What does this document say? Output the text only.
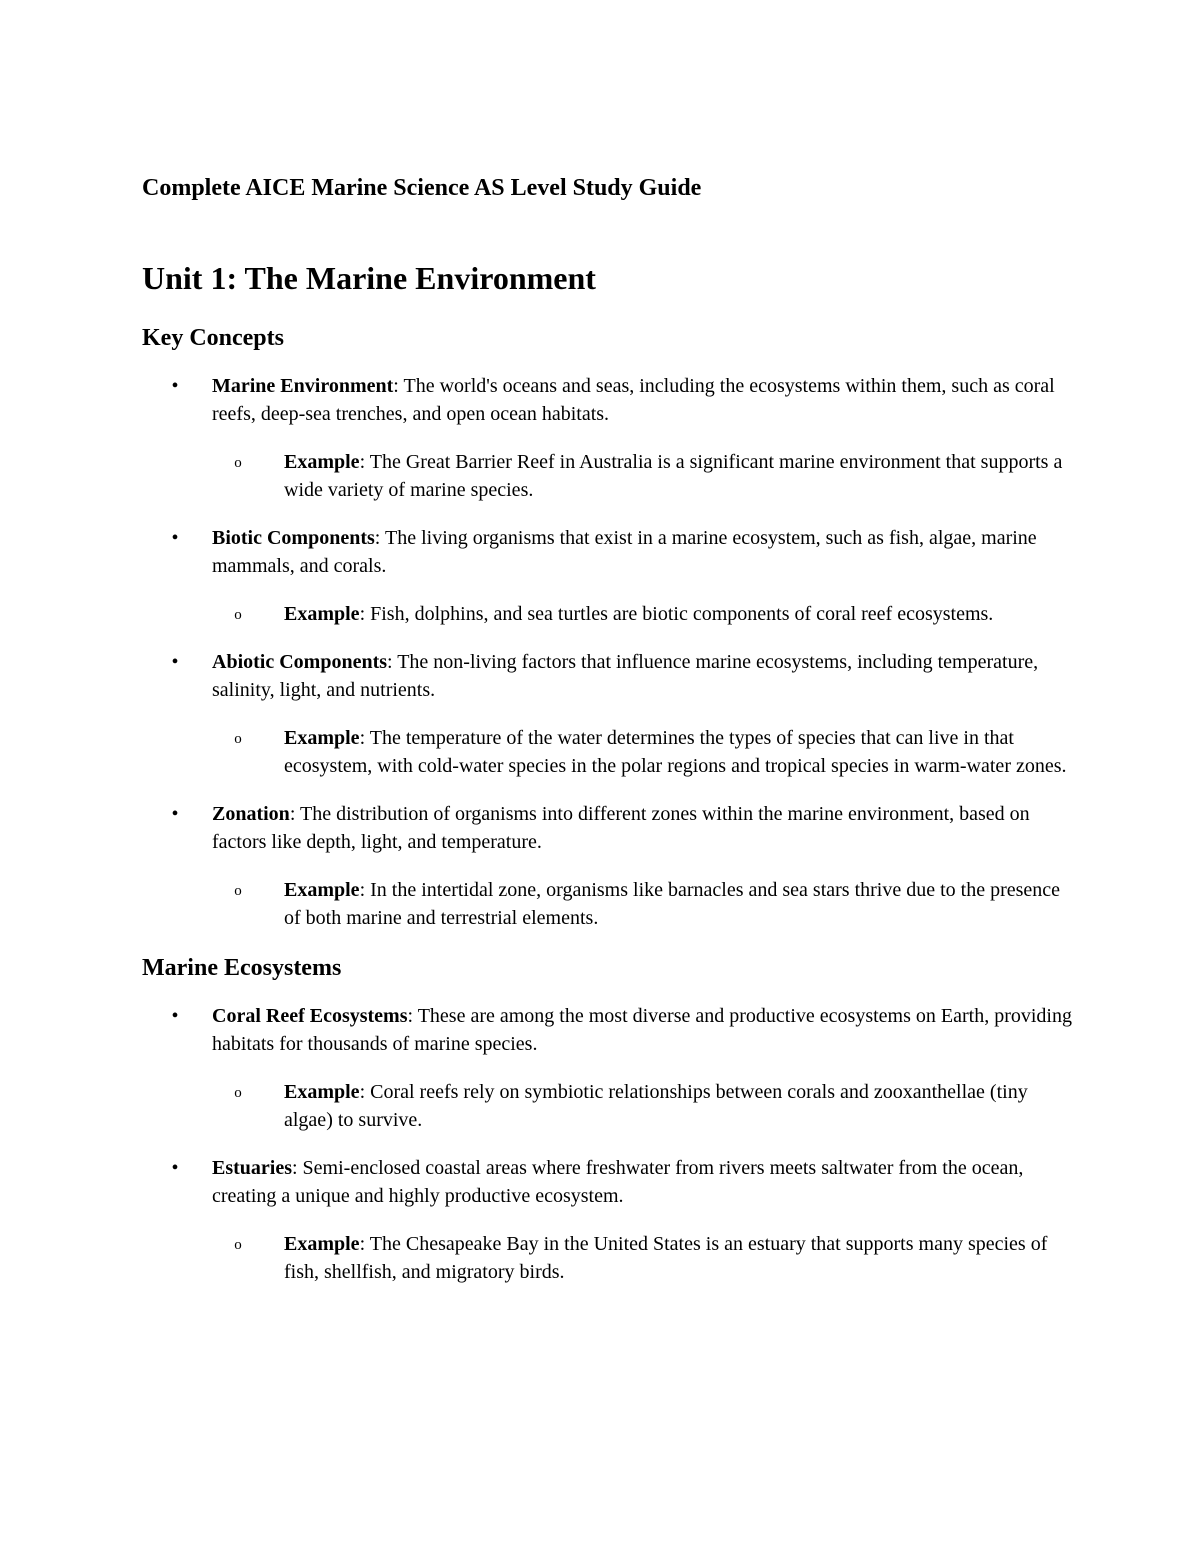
Complete AICE Marine Science AS Level Study Guide
Unit 1: The Marine Environment
Key Concepts
•	Marine Environment: The world's oceans and seas, including the ecosystems within them, such as coral reefs, deep-sea trenches, and open ocean habitats.
o	Example: The Great Barrier Reef in Australia is a significant marine environment that supports a wide variety of marine species.
•	Biotic Components: The living organisms that exist in a marine ecosystem, such as fish, algae, marine mammals, and corals.
o	Example: Fish, dolphins, and sea turtles are biotic components of coral reef ecosystems.
•	Abiotic Components: The non-living factors that influence marine ecosystems, including temperature, salinity, light, and nutrients.
o	Example: The temperature of the water determines the types of species that can live in that ecosystem, with cold-water species in the polar regions and tropical species in warm-water zones.
•	Zonation: The distribution of organisms into different zones within the marine environment, based on factors like depth, light, and temperature.
o	Example: In the intertidal zone, organisms like barnacles and sea stars thrive due to the presence of both marine and terrestrial elements.
Marine Ecosystems
•	Coral Reef Ecosystems: These are among the most diverse and productive ecosystems on Earth, providing habitats for thousands of marine species.
o	Example: Coral reefs rely on symbiotic relationships between corals and zooxanthellae (tiny algae) to survive.
•	Estuaries: Semi-enclosed coastal areas where freshwater from rivers meets saltwater from the ocean, creating a unique and highly productive ecosystem.
o	Example: The Chesapeake Bay in the United States is an estuary that supports many species of fish, shellfish, and migratory birds.
